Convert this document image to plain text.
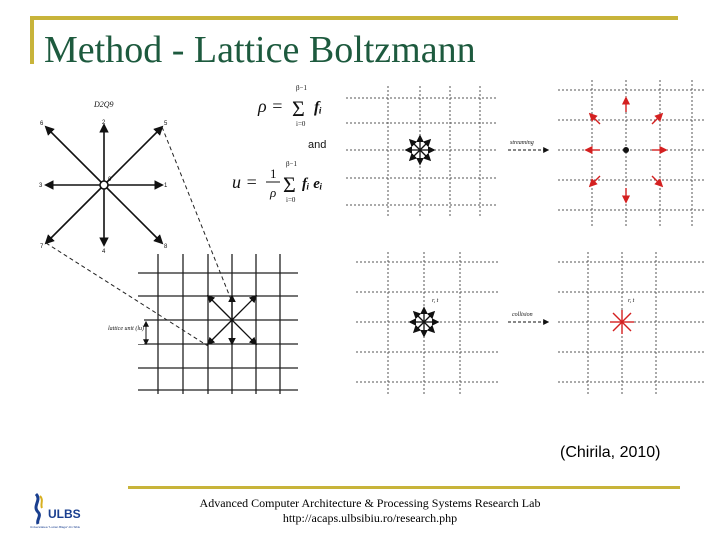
Method - Lattice Boltzmann
D2Q9
0
1
2
3
4
5
6
7	8
lattice unit (lu)
ρ =
β−1
Σ
i=0
fᵢ
and
u = 1
ρ
β−1
Σ
i=0
fᵢ eᵢ
streaming
r, t
collision
r, t
(Chirila, 2010)
ULBS
Universitatea "Lucian Blaga" din Sibiu
Advanced Computer Architecture & Processing Systems Research Lab
http://acaps.ulbsibiu.ro/research.php
